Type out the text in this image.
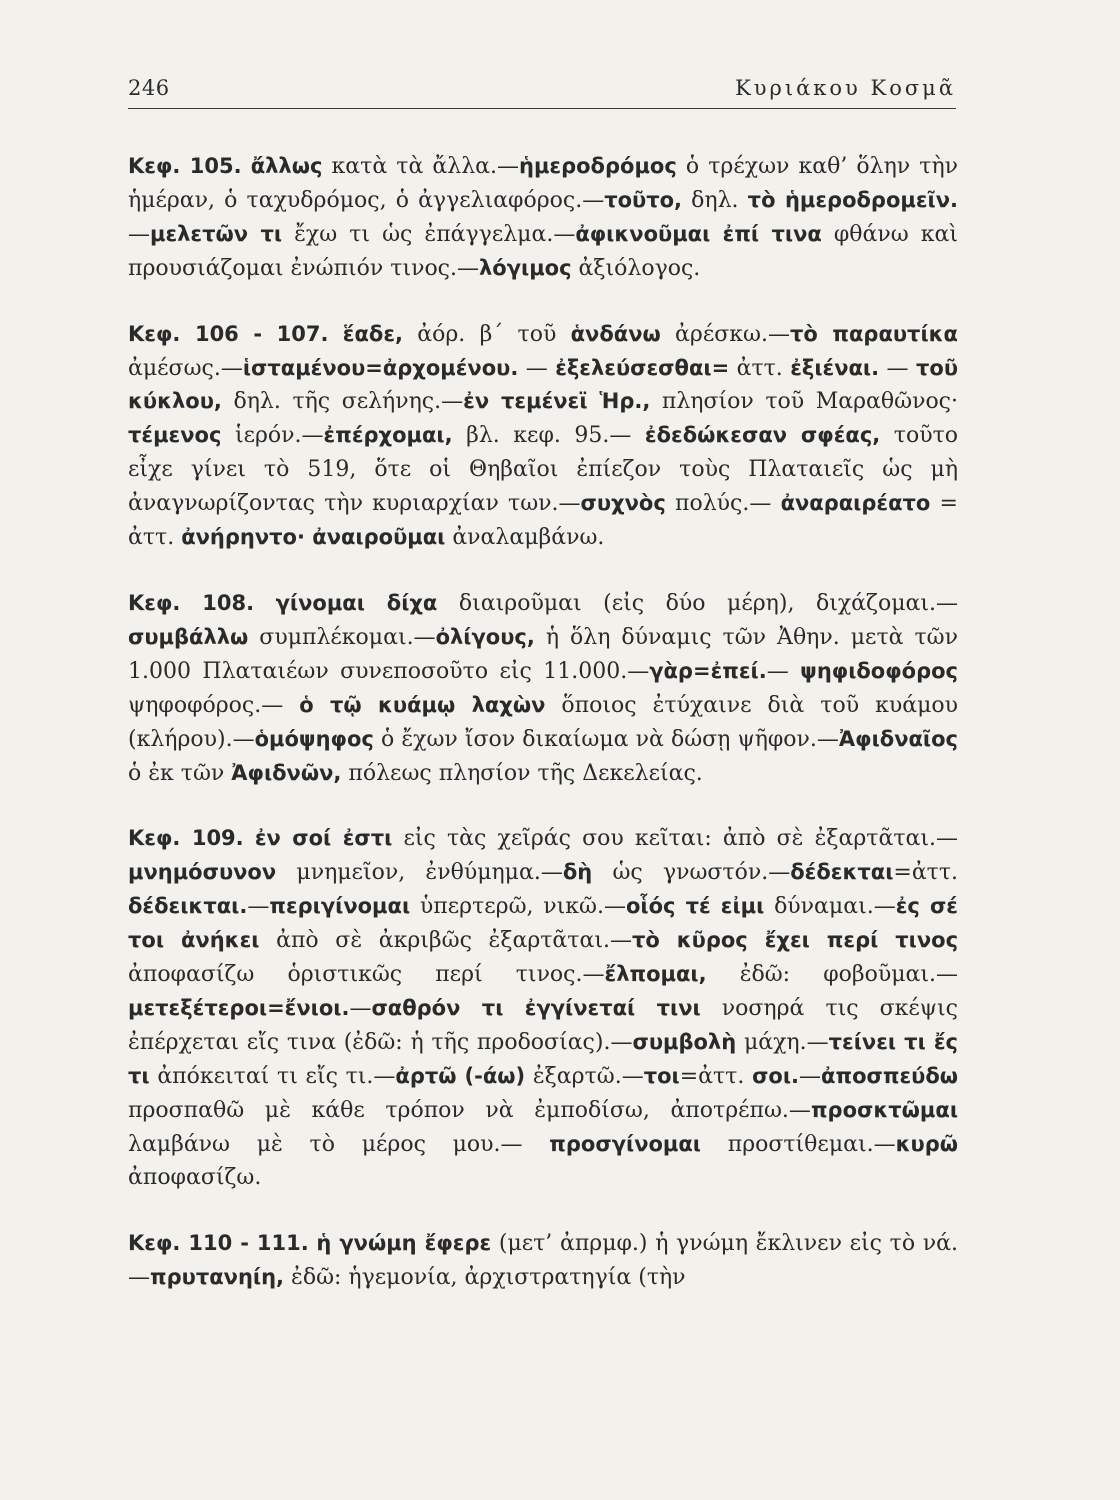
246	Κυριάκου Κοσμᾶ

Κεφ. 105. ἄλλως κατὰ τὰ ἄλλα.—ἡμεροδρόμος ὁ τρέχων καθ’ ὅλην τὴν ἡμέραν, ὁ ταχυδρόμος, ὁ ἀγγελιαφόρος.—τοῦτο, δηλ. τὸ ἡμεροδρομεῖν.—μελετῶν τι ἔχω τι ὡς ἐπάγγελμα.—ἀφικνοῦμαι ἐπί τινα φθάνω καὶ προυσιάζομαι ἐνώπιόν τινος.—λόγιμος ἀξιόλογος.

Κεφ. 106 - 107. ἕαδε, ἀόρ. β΄ τοῦ ἁνδάνω ἀρέσκω.—τὸ παραυτίκα ἀμέσως.—ἱσταμένου=ἀρχομένου. — ἐξελεύσεσθαι= ἀττ. ἐξιέναι. — τοῦ κύκλου, δηλ. τῆς σελήνης.—ἐν τεμένεϊ Ἡρ., πλησίον τοῦ Μαραθῶνος· τέμενος ἱερόν.—ἐπέρχομαι, βλ. κεφ. 95.— ἐδεδώκεσαν σφέας, τοῦτο εἶχε γίνει τὸ 519, ὅτε οἱ Θηβαῖοι ἐπίεζον τοὺς Πλαταιεῖς ὡς μὴ ἀναγνωρίζοντας τὴν κυριαρχίαν των.—συχνὸς πολύς.— ἀναραιρέατο = ἀττ. ἀνήρηντο· ἀναιροῦμαι ἀναλαμβάνω.

Κεφ. 108. γίνομαι δίχα διαιροῦμαι (εἰς δύο μέρη), διχάζομαι.—συμβάλλω συμπλέκομαι.—ὀλίγους, ἡ ὅλη δύναμις τῶν Ἀθην. μετὰ τῶν 1.000 Πλαταιέων συνεποσοῦτο εἰς 11.000.—γὰρ=ἐπεί.— ψηφιδοφόρος ψηφοφόρος.— ὁ τῷ κυάμῳ λαχὼν ὅποιος ἐτύχαινε διὰ τοῦ κυάμου (κλήρου).—ὁμόψηφος ὁ ἔχων ἴσον δικαίωμα νὰ δώσῃ ψῆφον.—Ἀφιδναῖος ὁ ἐκ τῶν Ἀφιδνῶν, πόλεως πλησίον τῆς Δεκελείας.

Κεφ. 109. ἐν σοί ἐστι εἰς τὰς χεῖράς σου κεῖται: ἀπὸ σὲ ἐξαρτᾶται.—μνημόσυνον μνημεῖον, ἐνθύμημα.—δὴ ὡς γνωστόν.—δέδεκται=ἀττ. δέδεικται.—περιγίνομαι ὑπερτερῶ, νικῶ.—οἷός τέ εἰμι δύναμαι.—ἐς σέ τοι ἀνήκει ἀπὸ σὲ ἀκριβῶς ἐξαρτᾶται.—τὸ κῦρος ἔχει περί τινος ἀποφασίζω ὁριστικῶς περί τινος.—ἔλπομαι, ἐδῶ: φοβοῦμαι.—μετεξέτεροι=ἔνιοι.—σαθρόν τι ἐγγίνεταί τινι νοσηρά τις σκέψις ἐπέρχεται εἴς τινα (ἐδῶ: ἡ τῆς προδοσίας).—συμβολὴ μάχη.—τείνει τι ἔς τι ἀπόκειταί τι εἴς τι.—ἀρτῶ (-άω) ἐξαρτῶ.—τοι=ἀττ. σοι.—ἀποσπεύδω προσπαθῶ μὲ κάθε τρόπον νὰ ἐμποδίσω, ἀποτρέπω.—προσκτῶμαι λαμβάνω μὲ τὸ μέρος μου.— προσγίνομαι προστίθεμαι.—κυρῶ ἀποφασίζω.

Κεφ. 110 - 111. ἡ γνώμη ἔφερε (μετ’ ἀπρμφ.) ἡ γνώμη ἔκλινεν εἰς τὸ νά.—πρυτανηίη, ἐδῶ: ἡγεμονία, ἀρχιστρατηγία (τὴν
